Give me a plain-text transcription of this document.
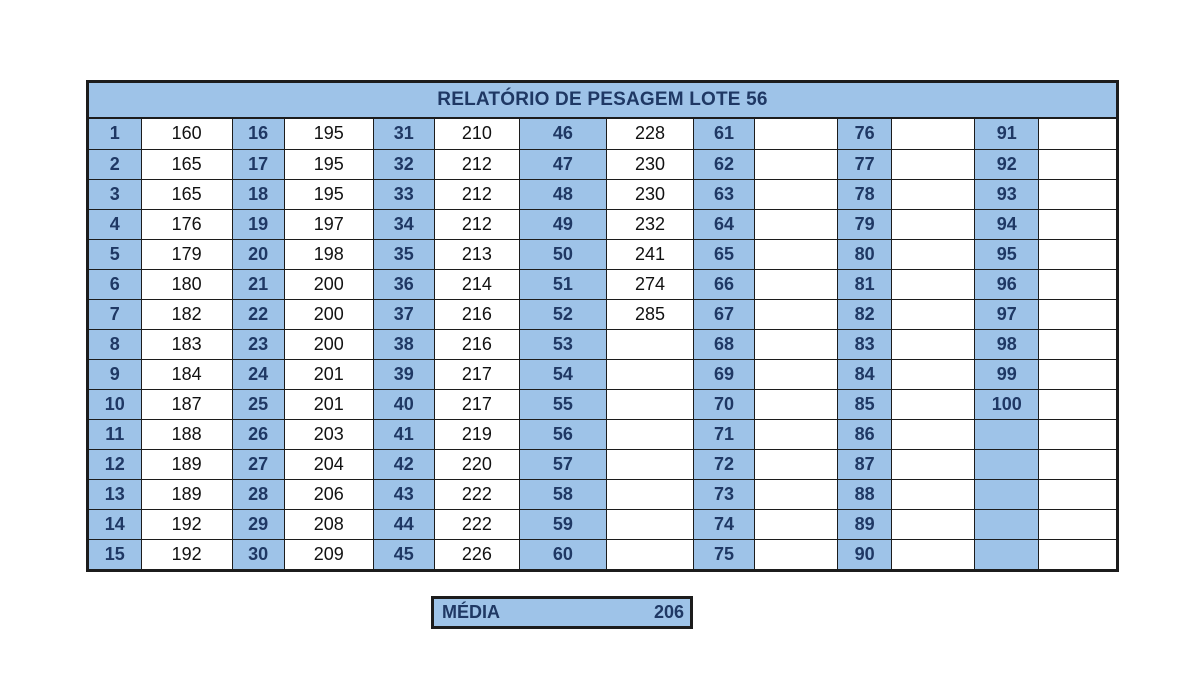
RELATÓRIO DE PESAGEM LOTE 56
1	160	16	195	31	210	46	228	61		76		91	
2	165	17	195	32	212	47	230	62		77		92	
3	165	18	195	33	212	48	230	63		78		93	
4	176	19	197	34	212	49	232	64		79		94	
5	179	20	198	35	213	50	241	65		80		95	
6	180	21	200	36	214	51	274	66		81		96	
7	182	22	200	37	216	52	285	67		82		97	
8	183	23	200	38	216	53		68		83		98	
9	184	24	201	39	217	54		69		84		99	
10	187	25	201	40	217	55		70		85		100	
11	188	26	203	41	219	56		71		86			
12	189	27	204	42	220	57		72		87			
13	189	28	206	43	222	58		73		88			
14	192	29	208	44	222	59		74		89			
15	192	30	209	45	226	60		75		90			
MÉDIA	206
